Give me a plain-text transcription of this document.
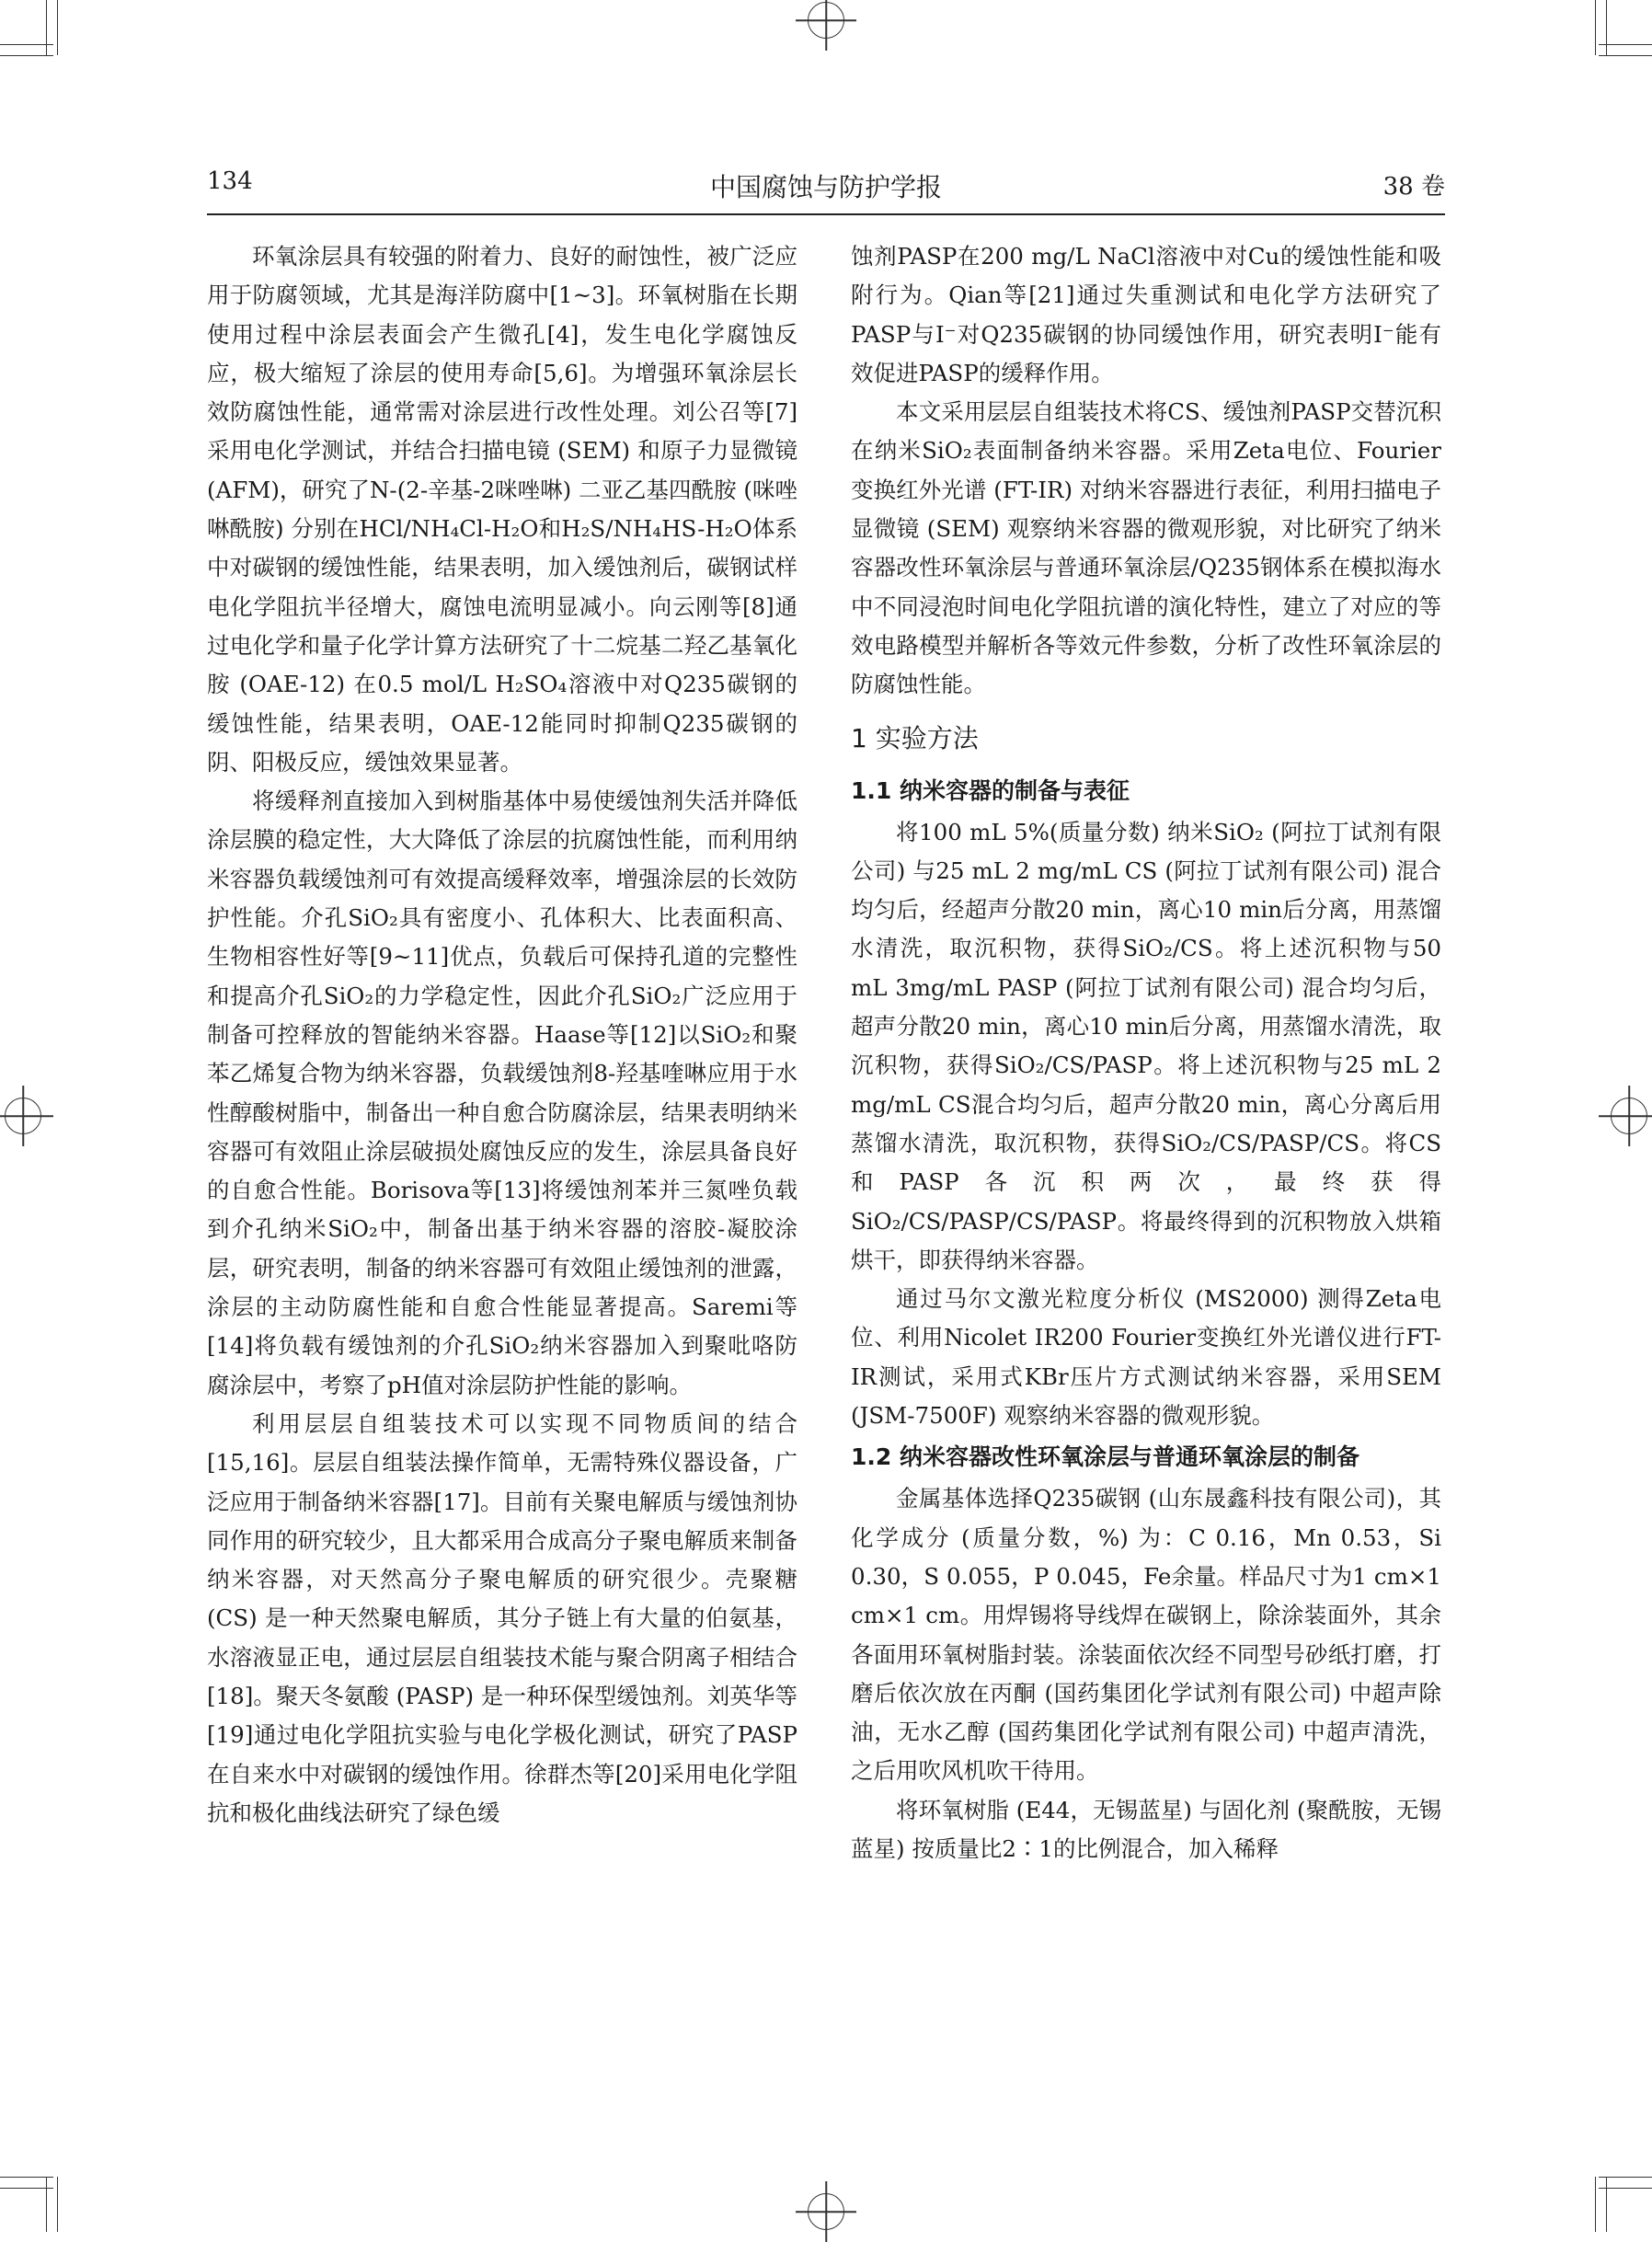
134	中国腐蚀与防护学报	38 卷

环氧涂层具有较强的附着力、良好的耐蚀性，被广泛应用于防腐领域，尤其是海洋防腐中[1~3]。环氧树脂在长期使用过程中涂层表面会产生微孔[4]，发生电化学腐蚀反应，极大缩短了涂层的使用寿命[5,6]。为增强环氧涂层长效防腐蚀性能，通常需对涂层进行改性处理。刘公召等[7]采用电化学测试，并结合扫描电镜 (SEM) 和原子力显微镜 (AFM)，研究了N-(2-辛基-2咪唑啉) 二亚乙基四酰胺 (咪唑啉酰胺) 分别在HCl/NH₄Cl-H₂O和H₂S/NH₄HS-H₂O体系中对碳钢的缓蚀性能，结果表明，加入缓蚀剂后，碳钢试样电化学阻抗半径增大，腐蚀电流明显减小。向云刚等[8]通过电化学和量子化学计算方法研究了十二烷基二羟乙基氧化胺 (OAE-12) 在0.5 mol/L H₂SO₄溶液中对Q235碳钢的缓蚀性能，结果表明，OAE-12能同时抑制Q235碳钢的阴、阳极反应，缓蚀效果显著。

将缓释剂直接加入到树脂基体中易使缓蚀剂失活并降低涂层膜的稳定性，大大降低了涂层的抗腐蚀性能，而利用纳米容器负载缓蚀剂可有效提高缓释效率，增强涂层的长效防护性能。介孔SiO₂具有密度小、孔体积大、比表面积高、生物相容性好等[9~11]优点，负载后可保持孔道的完整性和提高介孔SiO₂的力学稳定性，因此介孔SiO₂广泛应用于制备可控释放的智能纳米容器。Haase等[12]以SiO₂和聚苯乙烯复合物为纳米容器，负载缓蚀剂8-羟基喹啉应用于水性醇酸树脂中，制备出一种自愈合防腐涂层，结果表明纳米容器可有效阻止涂层破损处腐蚀反应的发生，涂层具备良好的自愈合性能。Borisova等[13]将缓蚀剂苯并三氮唑负载到介孔纳米SiO₂中，制备出基于纳米容器的溶胶-凝胶涂层，研究表明，制备的纳米容器可有效阻止缓蚀剂的泄露，涂层的主动防腐性能和自愈合性能显著提高。Saremi等[14]将负载有缓蚀剂的介孔SiO₂纳米容器加入到聚吡咯防腐涂层中，考察了pH值对涂层防护性能的影响。

利用层层自组装技术可以实现不同物质间的结合[15,16]。层层自组装法操作简单，无需特殊仪器设备，广泛应用于制备纳米容器[17]。目前有关聚电解质与缓蚀剂协同作用的研究较少，且大都采用合成高分子聚电解质来制备纳米容器，对天然高分子聚电解质的研究很少。壳聚糖 (CS) 是一种天然聚电解质，其分子链上有大量的伯氨基，水溶液显正电，通过层层自组装技术能与聚合阴离子相结合[18]。聚天冬氨酸 (PASP) 是一种环保型缓蚀剂。刘英华等[19]通过电化学阻抗实验与电化学极化测试，研究了PASP在自来水中对碳钢的缓蚀作用。徐群杰等[20]采用电化学阻抗和极化曲线法研究了绿色缓

蚀剂PASP在200 mg/L NaCl溶液中对Cu的缓蚀性能和吸附行为。Qian等[21]通过失重测试和电化学方法研究了PASP与I⁻对Q235碳钢的协同缓蚀作用，研究表明I⁻能有效促进PASP的缓释作用。

本文采用层层自组装技术将CS、缓蚀剂PASP交替沉积在纳米SiO₂表面制备纳米容器。采用Zeta电位、Fourier变换红外光谱 (FT-IR) 对纳米容器进行表征，利用扫描电子显微镜 (SEM) 观察纳米容器的微观形貌，对比研究了纳米容器改性环氧涂层与普通环氧涂层/Q235钢体系在模拟海水中不同浸泡时间电化学阻抗谱的演化特性，建立了对应的等效电路模型并解析各等效元件参数，分析了改性环氧涂层的防腐蚀性能。

1 实验方法
1.1 纳米容器的制备与表征

将100 mL 5%(质量分数) 纳米SiO₂ (阿拉丁试剂有限公司) 与25 mL 2 mg/mL CS (阿拉丁试剂有限公司) 混合均匀后，经超声分散20 min，离心10 min后分离，用蒸馏水清洗，取沉积物，获得SiO₂/CS。将上述沉积物与50 mL 3mg/mL PASP (阿拉丁试剂有限公司) 混合均匀后，超声分散20 min，离心10 min后分离，用蒸馏水清洗，取沉积物，获得SiO₂/CS/PASP。将上述沉积物与25 mL 2 mg/mL CS混合均匀后，超声分散20 min，离心分离后用蒸馏水清洗，取沉积物，获得SiO₂/CS/PASP/CS。将CS和PASP各沉积两次，最终获得SiO₂/CS/PASP/CS/PASP。将最终得到的沉积物放入烘箱烘干，即获得纳米容器。

通过马尔文激光粒度分析仪 (MS2000) 测得Zeta电位、利用Nicolet IR200 Fourier变换红外光谱仪进行FT-IR测试，采用式KBr压片方式测试纳米容器，采用SEM (JSM-7500F) 观察纳米容器的微观形貌。

1.2 纳米容器改性环氧涂层与普通环氧涂层的制备

金属基体选择Q235碳钢 (山东晟鑫科技有限公司)，其化学成分 (质量分数，%) 为：C 0.16，Mn 0.53，Si 0.30，S 0.055，P 0.045，Fe余量。样品尺寸为1 cm×1 cm×1 cm。用焊锡将导线焊在碳钢上，除涂装面外，其余各面用环氧树脂封装。涂装面依次经不同型号砂纸打磨，打磨后依次放在丙酮 (国药集团化学试剂有限公司) 中超声除油，无水乙醇 (国药集团化学试剂有限公司) 中超声清洗，之后用吹风机吹干待用。

将环氧树脂 (E44，无锡蓝星) 与固化剂 (聚酰胺，无锡蓝星) 按质量比2∶1的比例混合，加入稀释
